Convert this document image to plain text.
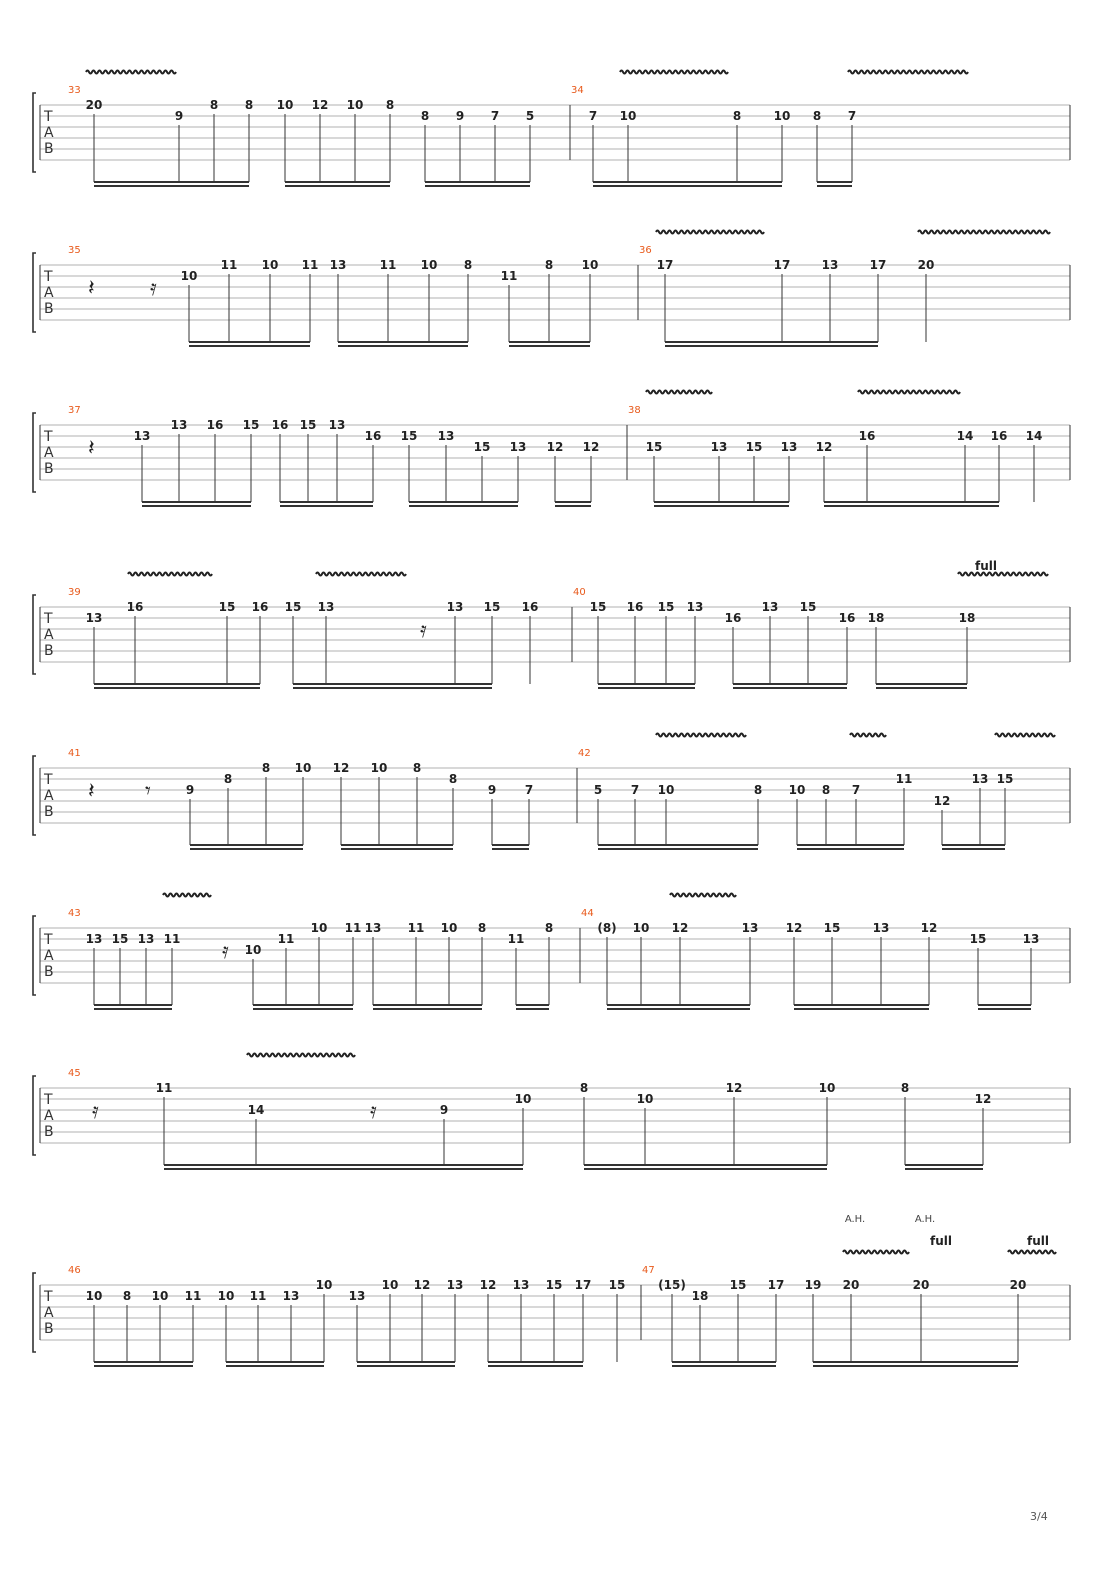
T
A
B
33
20
9
8 8 10 12 10 8
8 9 7 5
34
7 10	8	10 8 7
T
A
B
𝄽	𝄿
35
10
11 10 11 13	11 10 8
11
8 10
36
17	17	13	17	20
T
A
B
𝄽
37
13
13 16 15 16 15 13
16 15 13
15 13 12 12
38
15	13 15 13 12
16	14 16 14
T
A
B
𝄿
full
39
13
16	15 16 15 13	13 15 16
40
15 16 15 13
16
13 15
16 18	18
T
A
B
𝄽 𝄾
41
9
8
8 10 12 10 8
8
9 7
42
5 7 10	8 10 8 7
11
12
13 15
T
A
B
𝄿
43
13 15 13 11
10
11
10 11 13 11 10 8
11
8
44
(8) 10 12	13 12 15	13	12
15	13
T
A
B
𝄿	𝄿
45
11
14	9
10
8
10
12	10	8
12
T
A
B
A.H.	A.H.
full	full
46
10 8 10 11 10 11 13
10
13
10 12 13 12 13 15 17 15
47
(15)
18
15 17 19 20	20	20
3/4
